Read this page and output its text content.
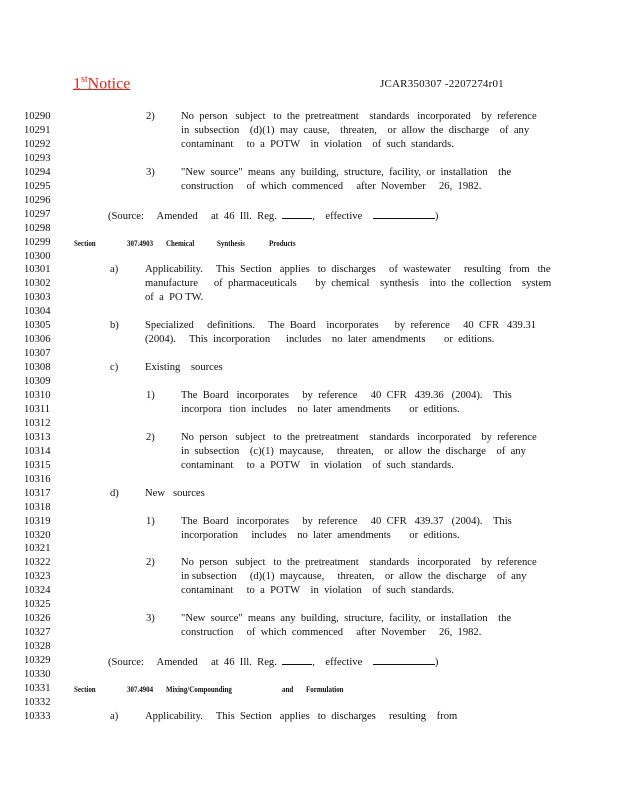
1stNotice	JCAR350307 -2207274r01
10290	2) No  person   subject   to  the  pretreatment    standards   incorporated    by  reference
10291	in  subsection    (d)(1)  may  cause,    threaten,    or  allow  the  discharge    of  any
10292	contaminant     to  a  POTW    in  violation    of  such  standards.
10293
10294	3) "New  source"  means  any  building,  structure,  facility,  or  installation    the
10295	construction     of  which  commenced     after  November     26,  1982.
10296
10297	(Source:     Amended     at  46  Ill.  Reg.	,    effective	)
10298
10299	Section	307.4903	Chemical	Synthesis	Products
10300
10301	a)	Applicability.     This  Section   applies   to  discharges     of  wastewater     resulting   from   the
10302	manufacture      of  pharmaceuticals       by  chemical    synthesis    into  the  collection    system
10303	of  a  PO TW.
10304
10305	b) Specialized     definitions.     The  Board    incorporates      by  reference     40  CFR   439.31
10306	(2004).     This  incorporation      includes    no  later  amendments       or  editions.
10307
10308	c)	Existing    sources
10309
10310	1) The  Board   incorporates     by  reference     40  CFR   439.36   (2004).    This
10311	incorpora   tion  includes    no  later  amendments       or  editions.
10312
10313	2) No  person   subject   to  the  pretreatment    standards   incorporated    by  reference
10314	in  subsection    (c)(1)  maycause,     threaten,    or  allow  the  discharge    of  any
10315	contaminant     to  a  POTW    in  violation    of  such  standards.
10316
10317	d) New   sources
10318
10319	1) The  Board   incorporates     by  reference     40  CFR   439.37   (2004).    This
10320	incorporation     includes    no  later  amendments       or  editions.
10321
10322	2) No  person   subject   to  the  pretreatment    standards   incorporated    by  reference
10323	in subsection     (d)(1)  maycause,     threaten,    or  allow  the  discharge    of  any
10324	contaminant     to  a  POTW    in  violation    of  such  standards.
10325
10326	3) "New  source"  means  any  building,  structure,  facility,  or  installation    the
10327	construction     of  which  commenced     after  November     26,  1982.
10328
10329	(Source:     Amended     at  46  Ill.  Reg.	,    effective	)
10330
10331	Section	307.4904	Mixing/Compounding	and Formulation
10332
10333	a)	Applicability.     This  Section   applies   to  discharges     resulting    from
